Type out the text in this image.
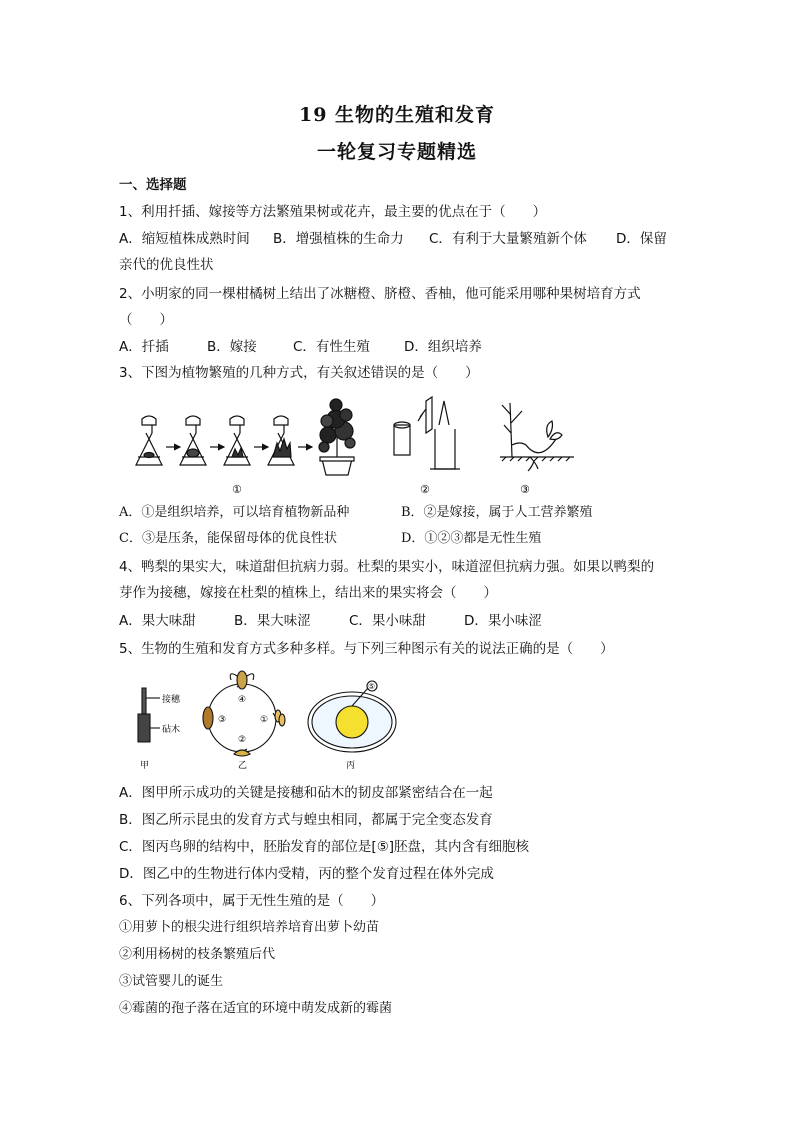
19 生物的生殖和发育
一轮复习专题精选
一、选择题
1、利用扦插、嫁接等方法繁殖果树或花卉，最主要的优点在于（　　）
A．缩短植株成熟时间 B．增强植株的生命力 C．有利于大量繁殖新个体 D．保留
亲代的优良性状
2、小明家的同一棵柑橘树上结出了冰糖橙、脐橙、香柚，他可能采用哪种果树培育方式
（　　）
A．扦插	B．嫁接	C．有性生殖	D．组织培养
3、下图为植物繁殖的几种方式，有关叙述错误的是（　　）
①	②	③
A．①是组织培养，可以培育植物新品种	B．②是嫁接，属于人工营养繁殖
C．③是压条，能保留母体的优良性状	D．①②③都是无性生殖
4、鸭梨的果实大，味道甜但抗病力弱。杜梨的果实小，味道涩但抗病力强。如果以鸭梨的
芽作为接穗，嫁接在杜梨的植株上，结出来的果实将会（　　）
A．果大味甜	B．果大味涩	C．果小味甜	D．果小味涩
5、生物的生殖和发育方式多种多样。与下列三种图示有关的说法正确的是（　　）
接穗
砧木
甲	乙	丙
①
②
③
④
⑤
A．图甲所示成功的关键是接穗和砧木的韧皮部紧密结合在一起
B．图乙所示昆虫的发育方式与蝗虫相同，都属于完全变态发育
C．图丙鸟卵的结构中，胚胎发育的部位是[⑤]胚盘，其内含有细胞核
D．图乙中的生物进行体内受精，丙的整个发育过程在体外完成
6、下列各项中，属于无性生殖的是（　　）
①用萝卜的根尖进行组织培养培育出萝卜幼苗
②利用杨树的枝条繁殖后代
③试管婴儿的诞生
④霉菌的孢子落在适宜的环境中萌发成新的霉菌
